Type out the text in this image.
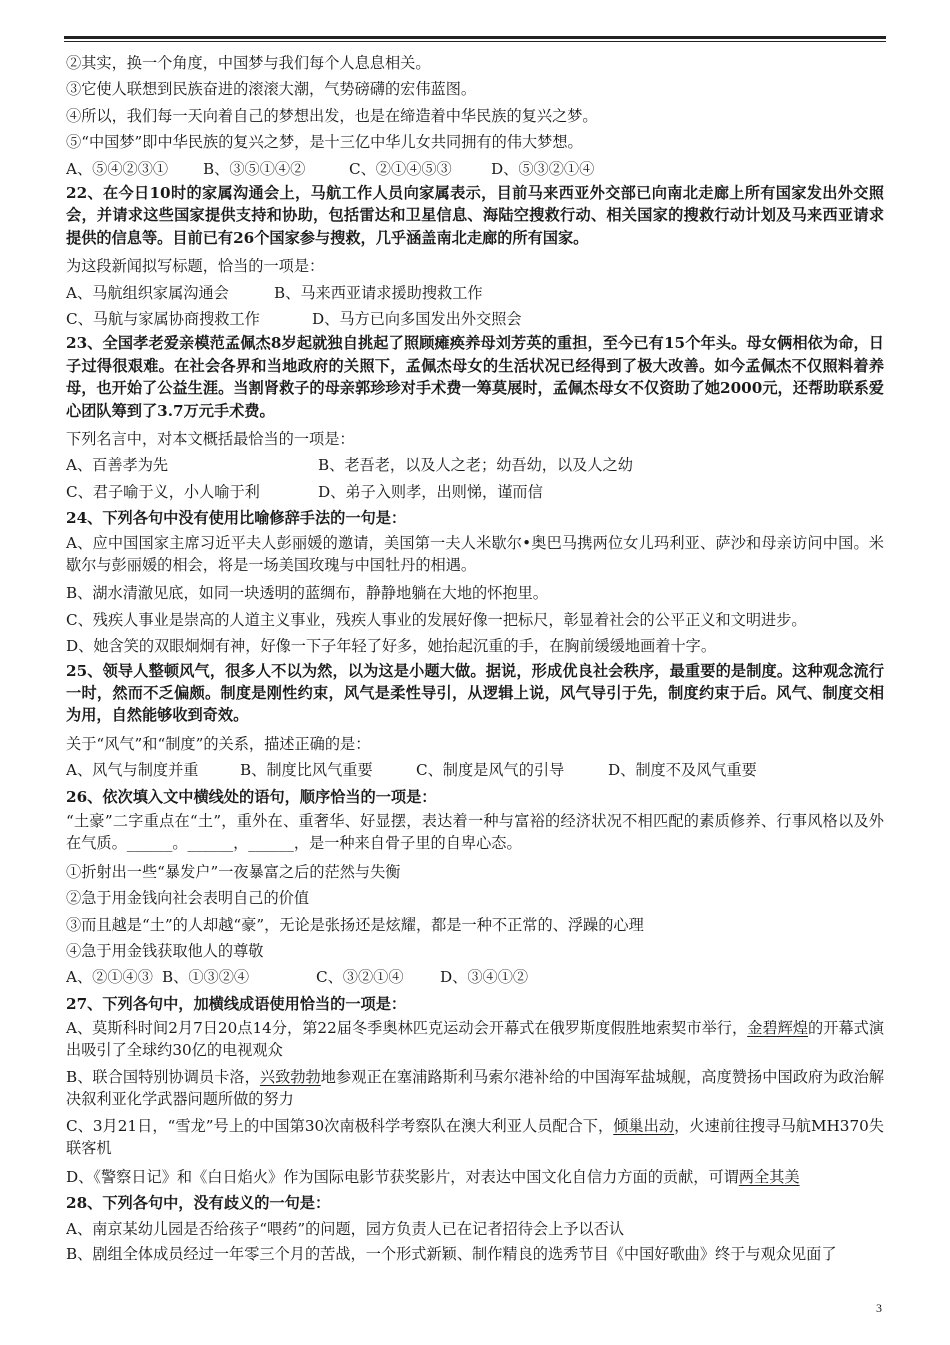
②其实，换一个角度，中国梦与我们每个人息息相关。
③它使人联想到民族奋进的滚滚大潮，气势磅礴的宏伟蓝图。
④所以，我们每一天向着自己的梦想出发，也是在缔造着中华民族的复兴之梦。
⑤“中国梦”即中华民族的复兴之梦，是十三亿中华儿女共同拥有的伟大梦想。
A、⑤④②③①	B、③⑤①④②	C、②①④⑤③	D、⑤③②①④
22、在今日10时的家属沟通会上，马航工作人员向家属表示，目前马来西亚外交部已向南北走廊上所有国家发出外交照会，并请求这些国家提供支持和协助，包括雷达和卫星信息、海陆空搜救行动、相关国家的搜救行动计划及马来西亚请求提供的信息等。目前已有26个国家参与搜救，几乎涵盖南北走廊的所有国家。
为这段新闻拟写标题，恰当的一项是：
A、马航组织家属沟通会	B、马来西亚请求援助搜救工作
C、马航与家属协商搜救工作	D、马方已向多国发出外交照会
23、全国孝老爱亲模范孟佩杰8岁起就独自挑起了照顾瘫痪养母刘芳英的重担，至今已有15个年头。母女俩相依为命，日子过得很艰难。在社会各界和当地政府的关照下，孟佩杰母女的生活状况已经得到了极大改善。如今孟佩杰不仅照料着养母，也开始了公益生涯。当割肾救子的母亲郭珍珍对手术费一筹莫展时，孟佩杰母女不仅资助了她2000元，还帮助联系爱心团队筹到了3.7万元手术费。
下列名言中，对本文概括最恰当的一项是：
A、百善孝为先	B、老吾老，以及人之老；幼吾幼，以及人之幼
C、君子喻于义，小人喻于利	D、弟子入则孝，出则悌，谨而信
24、下列各句中没有使用比喻修辞手法的一句是：
A、应中国国家主席习近平夫人彭丽媛的邀请，美国第一夫人米歇尔•奥巴马携两位女儿玛利亚、萨沙和母亲访问中国。米歇尔与彭丽媛的相会，将是一场美国玫瑰与中国牡丹的相遇。
B、湖水清澈见底，如同一块透明的蓝绸布，静静地躺在大地的怀抱里。
C、残疾人事业是崇高的人道主义事业，残疾人事业的发展好像一把标尺，彰显着社会的公平正义和文明进步。
D、她含笑的双眼炯炯有神，好像一下子年轻了好多，她抬起沉重的手，在胸前缓缓地画着十字。
25、领导人整顿风气，很多人不以为然，以为这是小题大做。据说，形成优良社会秩序，最重要的是制度。这种观念流行一时，然而不乏偏颇。制度是刚性约束，风气是柔性导引，从逻辑上说，风气导引于先，制度约束于后。风气、制度交相为用，自然能够收到奇效。
关于“风气”和“制度”的关系，描述正确的是：
A、风气与制度并重	B、制度比风气重要	C、制度是风气的引导	D、制度不及风气重要
26、依次填入文中横线处的语句，顺序恰当的一项是：
“土豪”二字重点在“土”，重外在、重奢华、好显摆，表达着一种与富裕的经济状况不相匹配的素质修养、行事风格以及外在气质。______。______，______，是一种来自骨子里的自卑心态。
①折射出一些“暴发户”一夜暴富之后的茫然与失衡
②急于用金钱向社会表明自己的价值
③而且越是“土”的人却越“豪”，无论是张扬还是炫耀，都是一种不正常的、浮躁的心理
④急于用金钱获取他人的尊敬
A、②①④③ B、①③②④	C、③②①④	D、③④①②
27、下列各句中，加横线成语使用恰当的一项是：
A、莫斯科时间2月7日20点14分，第22届冬季奥林匹克运动会开幕式在俄罗斯度假胜地索契市举行，金碧辉煌的开幕式演出吸引了全球约30亿的电视观众
B、联合国特别协调员卡洛，兴致勃勃地参观正在塞浦路斯利马索尔港补给的中国海军盐城舰，高度赞扬中国政府为政治解决叙利亚化学武器问题所做的努力
C、3月21日，“雪龙”号上的中国第30次南极科学考察队在澳大利亚人员配合下，倾巢出动，火速前往搜寻马航MH370失联客机
D、《警察日记》和《白日焰火》作为国际电影节获奖影片，对表达中国文化自信力方面的贡献，可谓两全其美
28、下列各句中，没有歧义的一句是：
A、南京某幼儿园是否给孩子“喂药”的问题，园方负责人已在记者招待会上予以否认
B、剧组全体成员经过一年零三个月的苦战，一个形式新颖、制作精良的选秀节目《中国好歌曲》终于与观众见面了
3
